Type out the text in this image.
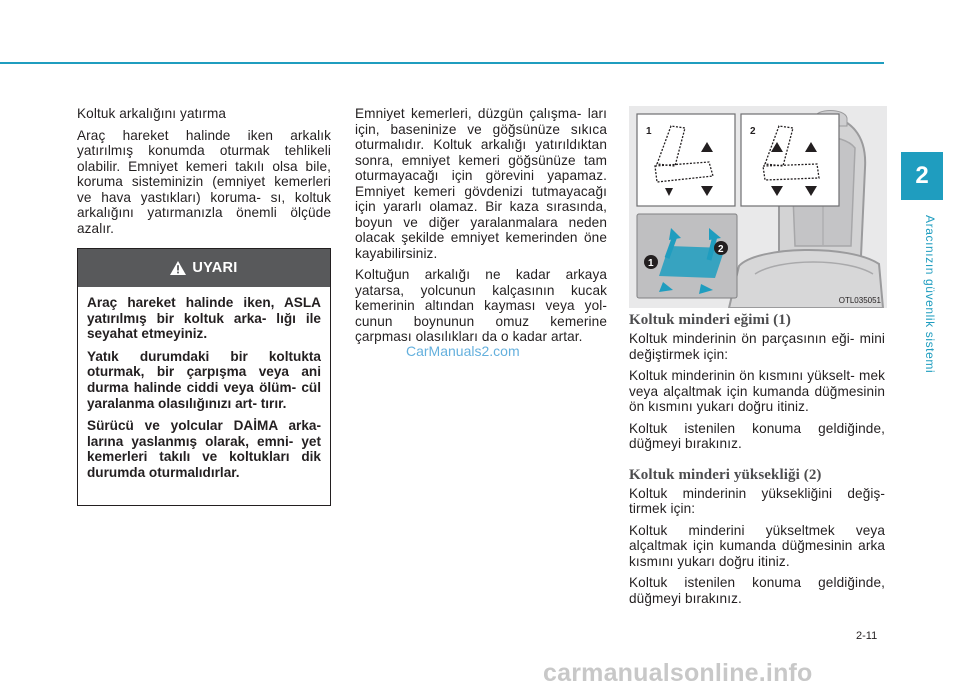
Koltuk arkalığını yatırma

Araç hareket halinde iken arkalık yatırılmış konumda oturmak tehlikeli olabilir. Emniyet kemeri takılı olsa bile, koruma sisteminizin (emniyet kemerleri ve hava yastıkları) koruma- sı, koltuk arkalığını yatırmanızla önemli ölçüde azalır.

UYARI

Araç hareket halinde iken, ASLA yatırılmış bir koltuk arka- lığı ile seyahat etmeyiniz.

Yatık durumdaki bir koltukta oturmak, bir çarpışma veya ani durma halinde ciddi veya ölüm- cül yaralanma olasılığınızı art- tırır.

Sürücü ve yolcular DAİMA arka- larına yaslanmış olarak, emni- yet kemerleri takılı ve koltukları dik durumda oturmalıdırlar.

Emniyet kemerleri, düzgün çalışma- ları için, baseninize ve göğsünüze sıkıca oturmalıdır. Koltuk arkalığı yatırıldıktan sonra, emniyet kemeri göğsünüze tam oturmayacağı için görevini yapamaz. Emniyet kemeri gövdenizi tutmayacağı için yararlı olamaz. Bir kaza sırasında, boyun ve diğer yaralanmalara neden olacak şekilde emniyet kemerinden öne kayabilirsiniz.

Koltuğun arkalığı ne kadar arkaya yatarsa, yolcunun kalçasının kucak kemerinin altından kayması veya yol- cunun boynunun omuz kemerine çarpması olasılıkları da o kadar artar.

1	2
1
2
OTL035051
Koltuk minderi eğimi (1)

Koltuk minderinin ön parçasının eği- mini değiştirmek için:

Koltuk minderinin ön kısmını yükselt- mek veya alçaltmak için kumanda düğmesinin ön kısmını yukarı doğru itiniz.

Koltuk istenilen konuma geldiğinde, düğmeyi bırakınız.

Koltuk minderi yüksekliği (2)

Koltuk minderinin yüksekliğini değiş- tirmek için:

Koltuk minderini yükseltmek veya alçaltmak için kumanda düğmesinin arka kısmını yukarı doğru itiniz.

Koltuk istenilen konuma geldiğinde, düğmeyi bırakınız.

2
Aracınızın güvenlik sistemi
2-11
CarManuals2.com
carmanualsonline.info
